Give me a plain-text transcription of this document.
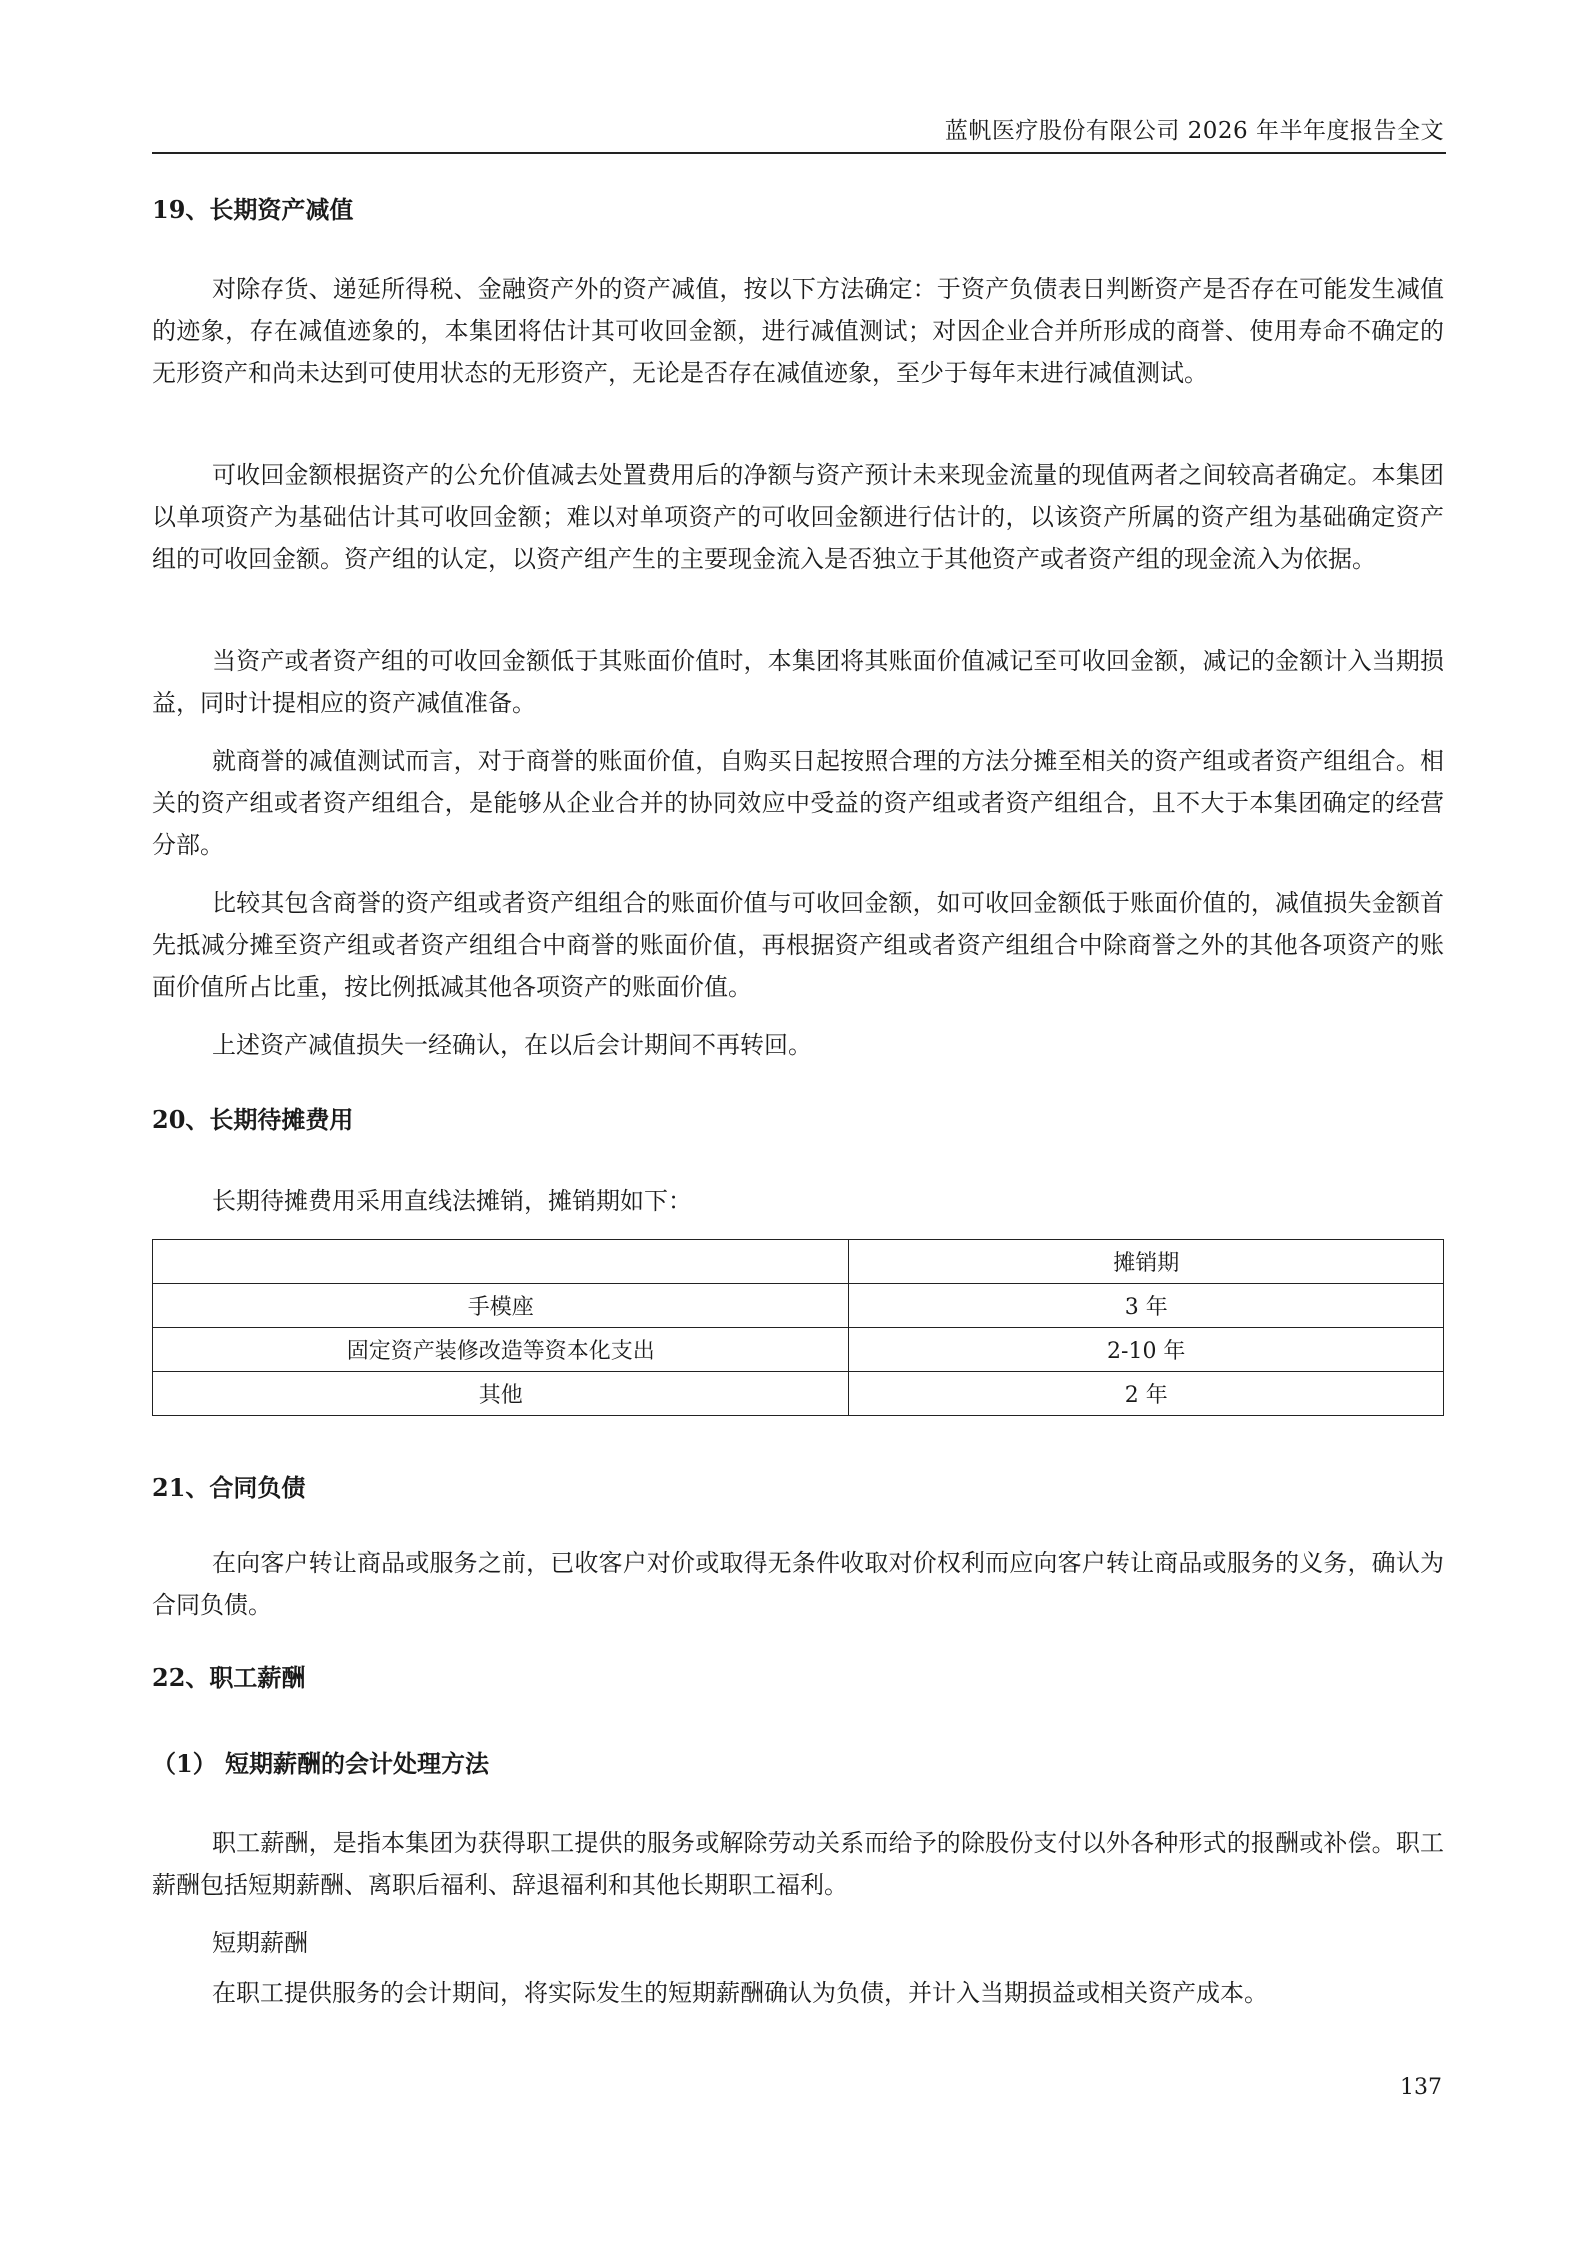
蓝帆医疗股份有限公司 2026 年半年度报告全文
19、长期资产减值

对除存货、递延所得税、金融资产外的资产减值，按以下方法确定：于资产负债表日判断资产是否存在可能发生减值的迹象，存在减值迹象的，本集团将估计其可收回金额，进行减值测试；对因企业合并所形成的商誉、使用寿命不确定的无形资产和尚未达到可使用状态的无形资产，无论是否存在减值迹象，至少于每年末进行减值测试。

可收回金额根据资产的公允价值减去处置费用后的净额与资产预计未来现金流量的现值两者之间较高者确定。本集团以单项资产为基础估计其可收回金额；难以对单项资产的可收回金额进行估计的，以该资产所属的资产组为基础确定资产组的可收回金额。资产组的认定，以资产组产生的主要现金流入是否独立于其他资产或者资产组的现金流入为依据。

当资产或者资产组的可收回金额低于其账面价值时，本集团将其账面价值减记至可收回金额，减记的金额计入当期损益，同时计提相应的资产减值准备。

就商誉的减值测试而言，对于商誉的账面价值，自购买日起按照合理的方法分摊至相关的资产组或者资产组组合。相关的资产组或者资产组组合，是能够从企业合并的协同效应中受益的资产组或者资产组组合，且不大于本集团确定的经营分部。

比较其包含商誉的资产组或者资产组组合的账面价值与可收回金额，如可收回金额低于账面价值的，减值损失金额首先抵减分摊至资产组或者资产组组合中商誉的账面价值，再根据资产组或者资产组组合中除商誉之外的其他各项资产的账面价值所占比重，按比例抵减其他各项资产的账面价值。

上述资产减值损失一经确认，在以后会计期间不再转回。

20、长期待摊费用

长期待摊费用采用直线法摊销，摊销期如下：

	摊销期
手模座	3 年
固定资产装修改造等资本化支出	2-10 年
其他	2 年
21、合同负债

在向客户转让商品或服务之前，已收客户对价或取得无条件收取对价权利而应向客户转让商品或服务的义务，确认为合同负债。

22、职工薪酬
（1） 短期薪酬的会计处理方法

职工薪酬，是指本集团为获得职工提供的服务或解除劳动关系而给予的除股份支付以外各种形式的报酬或补偿。职工薪酬包括短期薪酬、离职后福利、辞退福利和其他长期职工福利。

短期薪酬

在职工提供服务的会计期间，将实际发生的短期薪酬确认为负债，并计入当期损益或相关资产成本。

137
